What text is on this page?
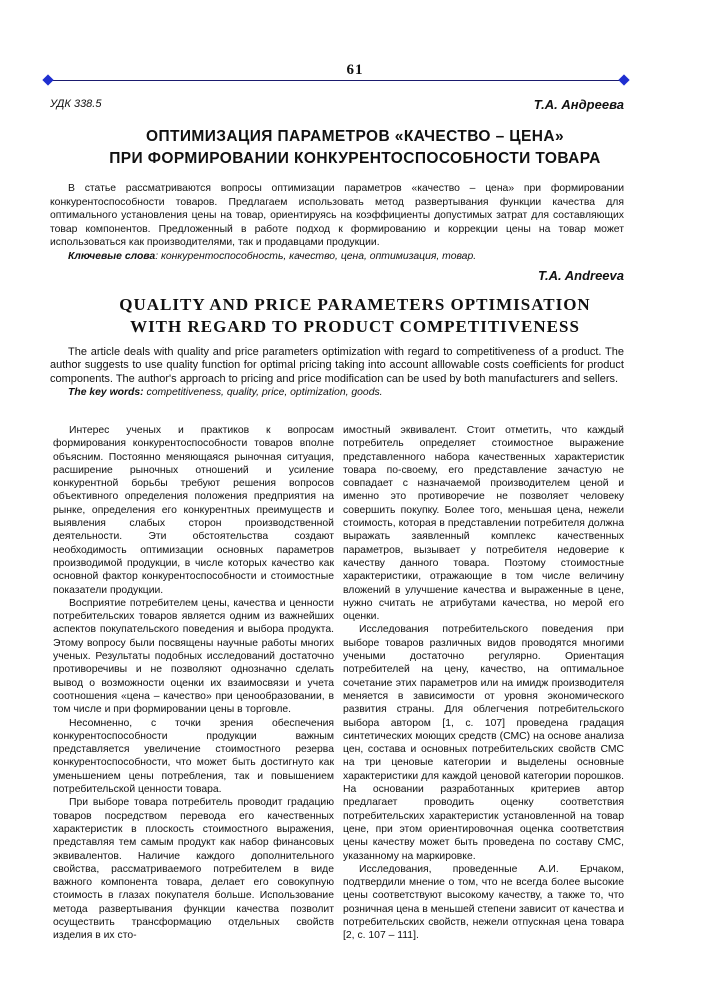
61
УДК 338.5	Т.А. Андреева
ОПТИМИЗАЦИЯ ПАРАМЕТРОВ «КАЧЕСТВО – ЦЕНА»
ПРИ ФОРМИРОВАНИИ КОНКУРЕНТОСПОСОБНОСТИ ТОВАРА

В статье рассматриваются вопросы оптимизации параметров «качество – цена» при формировании конкурентоспособности товаров. Предлагаем использовать метод развертывания функции качества для оптимального установления цены на товар, ориентируясь на коэффициенты допустимых затрат для составляющих товар компонентов. Предложенный в работе подход к формированию и коррекции цены на товар может использоваться как производителями, так и продавцами продукции.

Ключевые слова: конкурентоспособность, качество, цена, оптимизация, товар.

T.A. Andreeva
QUALITY AND PRICE PARAMETERS OPTIMISATION
WITH REGARD TO PRODUCT COMPETITIVENESS

The article deals with quality and price parameters optimization with regard to competitiveness of a product. The author suggests to use quality function for optimal pricing taking into account alllowable costs coefficients for product components. The author's approach to pricing and price modification can be used by both manufacturers and sellers.

The key words: competitiveness, quality, price, optimization, goods.

Интерес ученых и практиков к вопросам формирования конкурентоспособности товаров вполне объясним. Постоянно меняющаяся рыночная ситуация, расширение рыночных отношений и усиление конкурентной борьбы требуют решения вопросов объективного определения положения предприятия на рынке, определения его конкурентных преимуществ и выявления слабых сторон производственной деятельности. Эти обстоятельства создают необходимость оптимизации основных параметров производимой продукции, в числе которых качество как основной фактор конкурентоспособности и стоимостные показатели продукции.

Восприятие потребителем цены, качества и ценности потребительских товаров является одним из важнейших аспектов покупательского поведения и выбора продукта. Этому вопросу были посвящены научные работы многих ученых. Результаты подобных исследований достаточно противоречивы и не позволяют однозначно сделать вывод о возможности оценки их взаимосвязи и учета соотношения «цена – качество» при ценообразовании, в том числе и при формировании цены в торговле.

Несомненно, с точки зрения обеспечения конкурентоспособности продукции важным представляется увеличение стоимостного резерва конкурентоспособности, что может быть достигнуто как уменьшением цены потребления, так и повышением потребительской ценности товара.

При выборе товара потребитель проводит градацию товаров посредством перевода его качественных характеристик в плоскость стоимостного выражения, представляя тем самым продукт как набор финансовых эквивалентов. Наличие каждого дополнительного свойства, рассматриваемого потребителем в виде важного компонента товара, делает его совокупную стоимость в глазах покупателя больше. Использование метода развертывания функции качества позволит осуществить трансформацию отдельных свойств изделия в их сто-

имостный эквивалент. Стоит отметить, что каждый потребитель определяет стоимостное выражение представленного набора качественных характеристик товара по-своему, его представление зачастую не совпадает с назначаемой производителем ценой и именно это противоречие не позволяет человеку совершить покупку. Более того, меньшая цена, нежели стоимость, которая в представлении потребителя должна выражать заявленный комплекс качественных параметров, вызывает у потребителя недоверие к качеству данного товара. Поэтому стоимостные характеристики, отражающие в том числе величину вложений в улучшение качества и выраженные в цене, нужно считать не атрибутами качества, но мерой его оценки.

Исследования потребительского поведения при выборе товаров различных видов проводятся многими учеными достаточно регулярно. Ориентация потребителей на цену, качество, на оптимальное сочетание этих параметров или на имидж производителя меняется в зависимости от уровня экономического развития страны. Для облегчения потребительского выбора автором [1, с. 107] проведена градация синтетических моющих средств (СМС) на основе анализа цен, состава и основных потребительских свойств СМС на три ценовые категории и выделены основные характеристики для каждой ценовой категории порошков. На основании разработанных критериев автор предлагает проводить оценку соответствия потребительских характеристик установленной на товар цене, при этом ориентировочная оценка соответствия цены качеству может быть проведена по составу СМС, указанному на маркировке.

Исследования, проведенные А.И. Ерчаком, подтвердили мнение о том, что не всегда более высокие цены соответствуют высокому качеству, а также то, что розничная цена в меньшей степени зависит от качества и потребительских свойств, нежели отпускная цена товара [2, с. 107 – 111].
